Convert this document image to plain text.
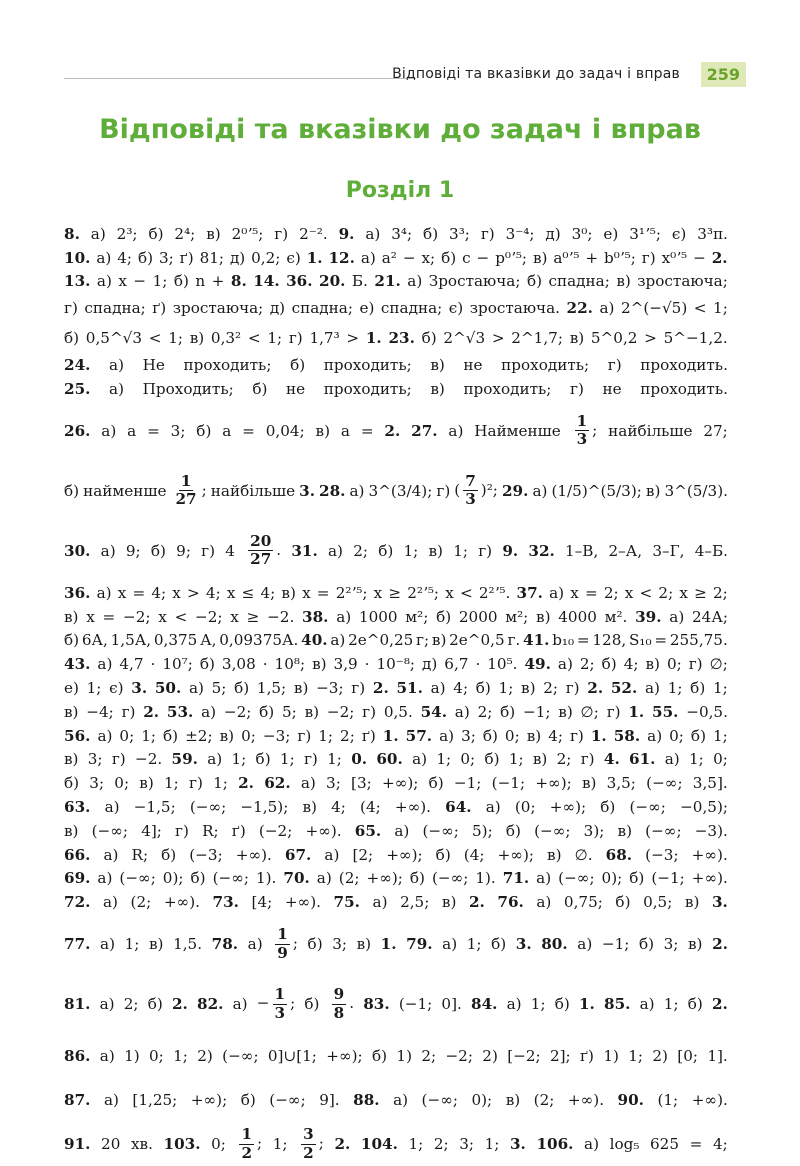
Відповіді та вказівки до задач і вправ	259
Відповіді та вказівки до задач і вправ
Розділ 1
8. а) 2³; б) 2⁴; в) 2⁰ʼ⁵; г) 2⁻². 9. а) 3⁴; б) 3³; г) 3⁻⁴; д) 3⁰; е) 3¹ʼ⁵; є) 3³π.
10. а) 4; б) 3; ґ) 81; д) 0,2; є) 1. 12. а) a² − x; б) c − p⁰ʼ⁵; в) a⁰ʼ⁵ + b⁰ʼ⁵; г) x⁰ʼ⁵ − 2.
13. а) x − 1; б) n + 8. 14. 36. 20. Б. 21. а) Зростаюча; б) спадна; в) зростаюча;
г) спадна; ґ) зростаюча; д) спадна; е) спадна; є) зростаюча. 22. а) 2^(−√5) < 1;
б) 0,5^√3 < 1; в) 0,3² < 1; г) 1,7³ > 1. 23. б) 2^√3 > 2^1,7; в) 5^0,2 > 5^−1,2.
24. а) Не проходить; б) проходить; в) не проходить; г) проходить.
25. а) Проходить; б) не проходить; в) проходить; г) не проходить.
26. а) a = 3; б) a = 0,04; в) a = 2. 27. а) Найменше $\frac{1}{3}$ ; найбільше 27;
б) найменше $\frac{1}{27}$ ; найбільше 3. 28. а) 3^(3/4); г) ( $\frac{7}{3} )^2$; 29. а) (1/5)^(5/3); в) 3^(5/3).
30. а) 9; б) 9; г) $4 \frac{20}{27}$ . 31. а) 2; б) 1; в) 1; г) 9. 32. 1–В, 2–А, 3–Г, 4–Б.
36. а) x = 4; x > 4; x ≤ 4; в) x = 2²ʼ⁵; x ≥ 2²ʼ⁵; x < 2²ʼ⁵. 37. а) x = 2; x < 2; x ≥ 2;
в) x = −2; x < −2; x ≥ −2. 38. а) 1000 м²; б) 2000 м²; в) 4000 м². 39. а) 24А;
б) 6А, 1,5А, 0,375 А, 0,09375А. 40. а) 2e^0,25 г; в) 2e^0,5 г. 41. b₁₀ = 128, S₁₀ = 255,75.
43. а) 4,7 · 10⁷; б) 3,08 · 10⁸; в) 3,9 · 10⁻⁸; д) 6,7 · 10⁵. 49. а) 2; б) 4; в) 0; г) ∅;
е) 1; є) 3. 50. а) 5; б) 1,5; в) −3; г) 2. 51. а) 4; б) 1; в) 2; г) 2. 52. а) 1; б) 1;
в) −4; г) 2. 53. а) −2; б) 5; в) −2; г) 0,5. 54. а) 2; б) −1; в) ∅; г) 1. 55. −0,5.
56. а) 0; 1; б) ±2; в) 0; −3; г) 1; 2; ґ) 1. 57. а) 3; б) 0; в) 4; г) 1. 58. а) 0; б) 1;
в) 3; г) −2. 59. а) 1; б) 1; г) 1; 0. 60. а) 1; 0; б) 1; в) 2; г) 4. 61. а) 1; 0;
б) 3; 0; в) 1; г) 1; 2. 62. а) 3; [3; +∞); б) −1; (−1; +∞); в) 3,5; (−∞; 3,5].
63. а) −1,5; (−∞; −1,5); в) 4; (4; +∞). 64. а) (0; +∞); б) (−∞; −0,5);
в) (−∞; 4]; г) R; ґ) (−2; +∞). 65. а) (−∞; 5); б) (−∞; 3); в) (−∞; −3).
66. а) R; б) (−3; +∞). 67. а) [2; +∞); б) (4; +∞); в) ∅. 68. (−3; +∞).
69. а) (−∞; 0); б) (−∞; 1). 70. а) (2; +∞); б) (−∞; 1). 71. а) (−∞; 0); б) (−1; +∞).
72. а) (2; +∞). 73. [4; +∞). 75. а) 2,5; в) 2. 76. а) 0,75; б) 0,5; в) 3.
77. а) 1; в) 1,5. 78. $а) \frac{1}{9}$ ; б) 3; в) 1. 79. а) 1; б) 3. 80. а) −1; б) 3; в) 2.
81. а) 2; б) 2. 82. $а) - \frac{1}{3}$ ; $б) \frac{9}{8}$ . 83. (−1; 0]. 84. а) 1; б) 1. 85. а) 1; б) 2.
86. а) 1) 0; 1; 2) (−∞; 0]∪[1; +∞); б) 1) 2; −2; 2) [−2; 2]; ґ) 1) 1; 2) [0; 1].
87. а) [1,25; +∞); б) (−∞; 9]. 88. а) (−∞; 0); в) (2; +∞). 90. (1; +∞).
91. 20 хв. 103. 0; $\frac{1}{2}$ ; 1; $\frac{3}{2}$ ; 2. 104. 1; 2; 3; 1; 3. 106. а) log₅ 625 = 4;
